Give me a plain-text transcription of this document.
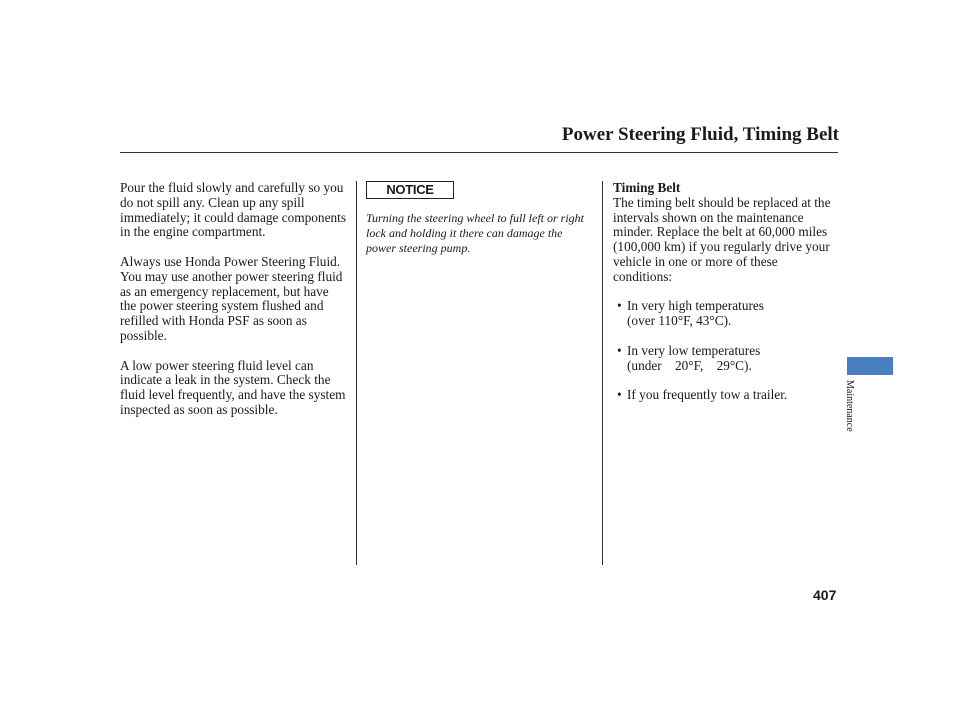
Power Steering Fluid, Timing Belt

Pour the fluid slowly and carefully so you do not spill any. Clean up any spill immediately; it could damage components in the engine compartment.

Always use Honda Power Steering Fluid. You may use another power steering fluid as an emergency replacement, but have the power steering system flushed and refilled with Honda PSF as soon as possible.

A low power steering fluid level can indicate a leak in the system. Check the fluid level frequently, and have the system inspected as soon as possible.

NOTICE
Turning the steering wheel to full left or right lock and holding it there can damage the power steering pump.
Timing Belt

The timing belt should be replaced at the intervals shown on the maintenance minder. Replace the belt at 60,000 miles (100,000 km) if you regularly drive your vehicle in one or more of these conditions:

• In very high temperatures
(over 110°F, 43°C).
• In very low temperatures
(under    20°F,    29°C).
• If you frequently tow a trailer.	Maintenance
407
